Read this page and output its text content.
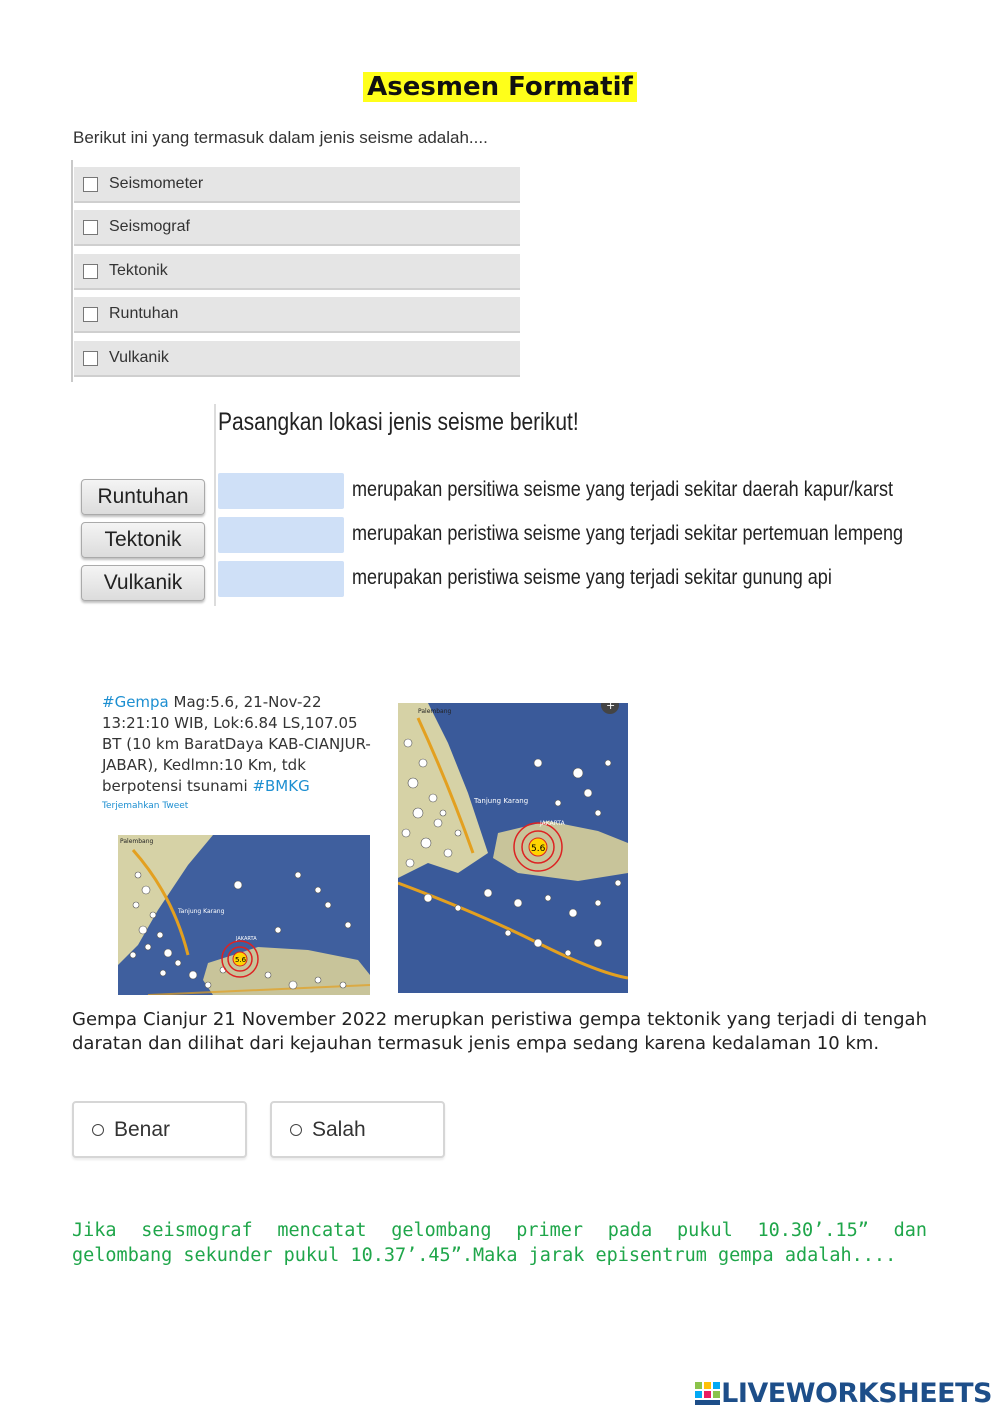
Asesmen Formatif
Berikut ini yang termasuk dalam jenis seisme adalah....
Seismometer
Seismograf
Tektonik
Runtuhan
Vulkanik
Pasangkan lokasi jenis seisme berikut!
Runtuhan
Tektonik
Vulkanik
merupakan persitiwa seisme yang terjadi sekitar daerah kapur/karst
merupakan peristiwa seisme yang terjadi sekitar pertemuan lempeng
merupakan peristiwa seisme yang terjadi sekitar gunung api
#Gempa Mag:5.6, 21-Nov-22 13:21:10 WIB, Lok:6.84 LS,107.05 BT (10 km BaratDaya KAB-CIANJUR-JABAR), Kedlmn:10 Km, tdk berpotensi tsunami #BMKG
Terjemahkan Tweet
5.6
Tanjung Karang
Palembang
JAKARTA
5.6
Tanjung Karang
Palembang
JAKARTA
+
Gempa Cianjur 21 November 2022 merupkan peristiwa gempa tektonik yang terjadi di tengah daratan dan dilihat dari kejauhan termasuk jenis empa sedang karena kedalaman 10 km.
Benar	Salah
Jika seismograf mencatat gelombang primer pada pukul 10.30’.15” dan gelombang sekunder pukul 10.37’.45”.Maka jarak episentrum gempa adalah....
LIVEWORKSHEETS
